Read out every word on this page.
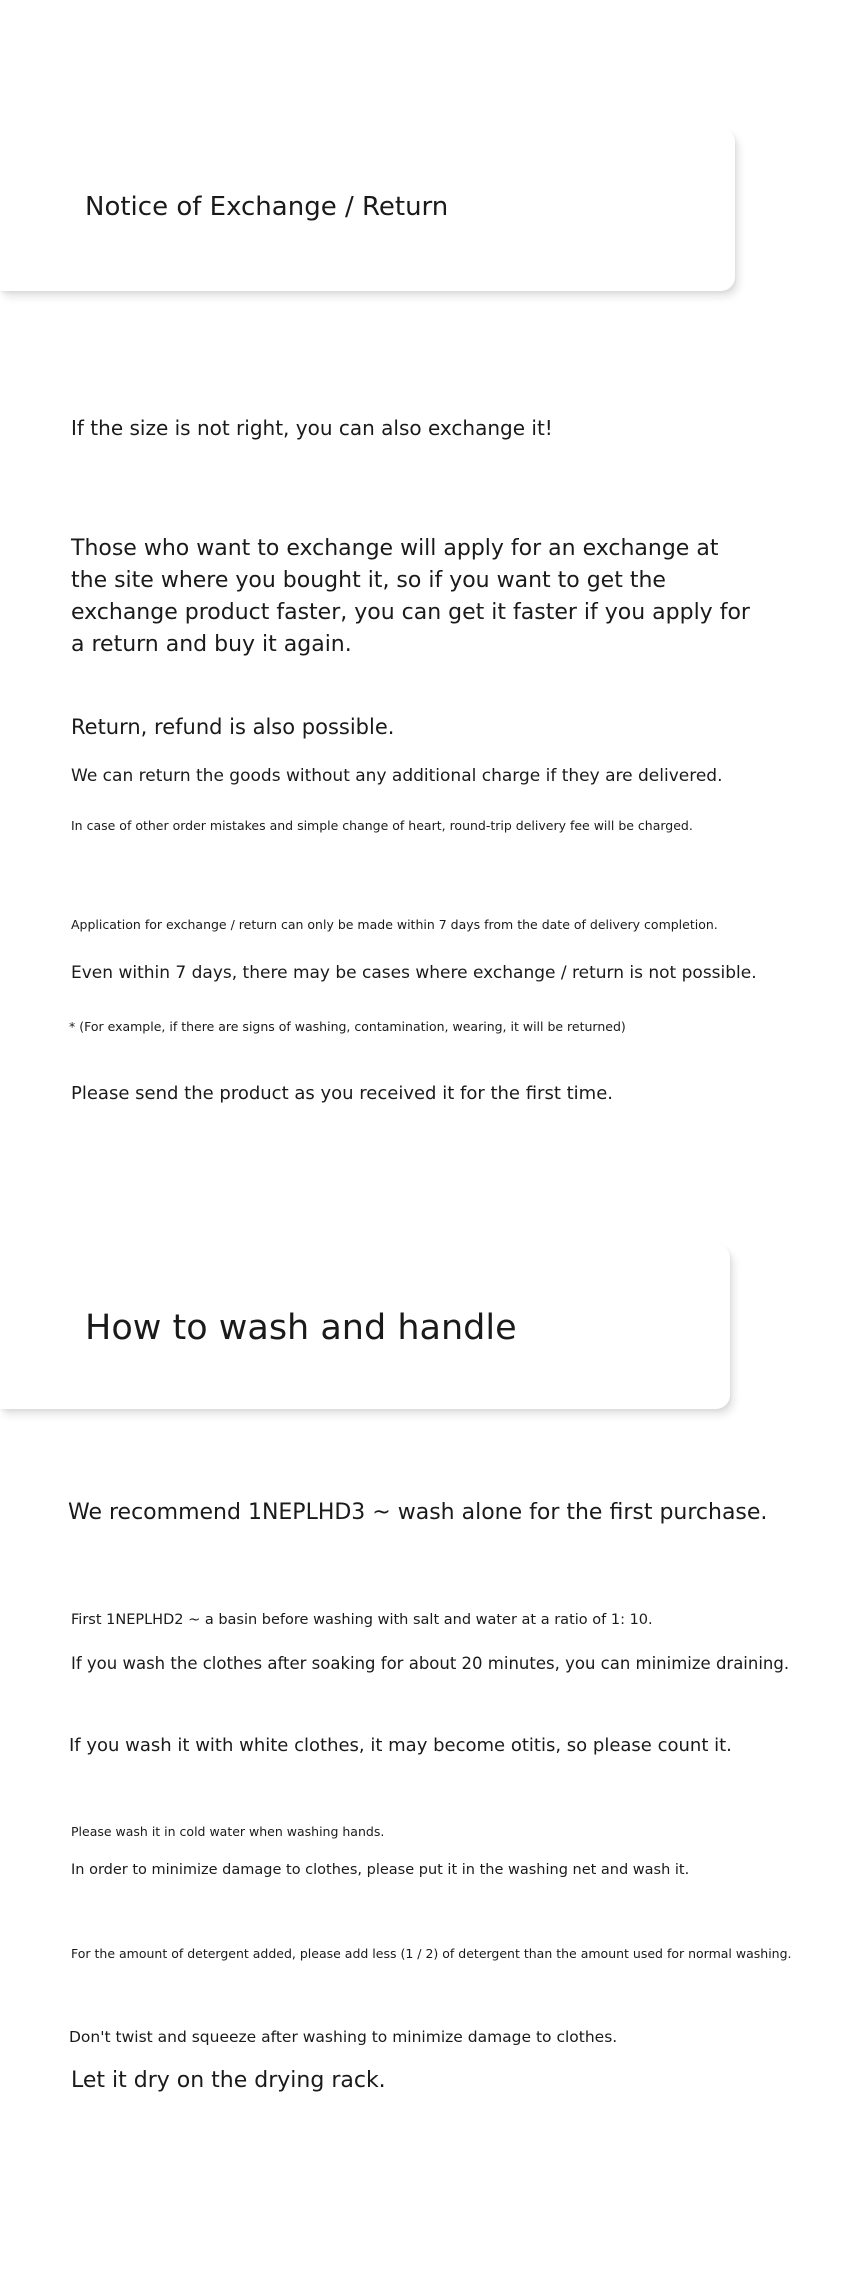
Notice of Exchange / Return

If the size is not right, you can also exchange it!

Those who want to exchange will apply for an exchange at the site where you bought it, so if you want to get the exchange product faster, you can get it faster if you apply for a return and buy it again.

Return, refund is also possible.

We can return the goods without any additional charge if they are delivered.

In case of other order mistakes and simple change of heart, round-trip delivery fee will be charged.

Application for exchange / return can only be made within 7 days from the date of delivery completion.

Even within 7 days, there may be cases where exchange / return is not possible.

* (For example, if there are signs of washing, contamination, wearing, it will be returned)

Please send the product as you received it for the first time.

How to wash and handle

We recommend 1NEPLHD3 ~ wash alone for the first purchase.

First 1NEPLHD2 ~ a basin before washing with salt and water at a ratio of 1: 10.

If you wash the clothes after soaking for about 20 minutes, you can minimize draining.

If you wash it with white clothes, it may become otitis, so please count it.

Please wash it in cold water when washing hands.

In order to minimize damage to clothes, please put it in the washing net and wash it.

For the amount of detergent added, please add less (1 / 2) of detergent than the amount used for normal washing.

Don't twist and squeeze after washing to minimize damage to clothes.

Let it dry on the drying rack.
